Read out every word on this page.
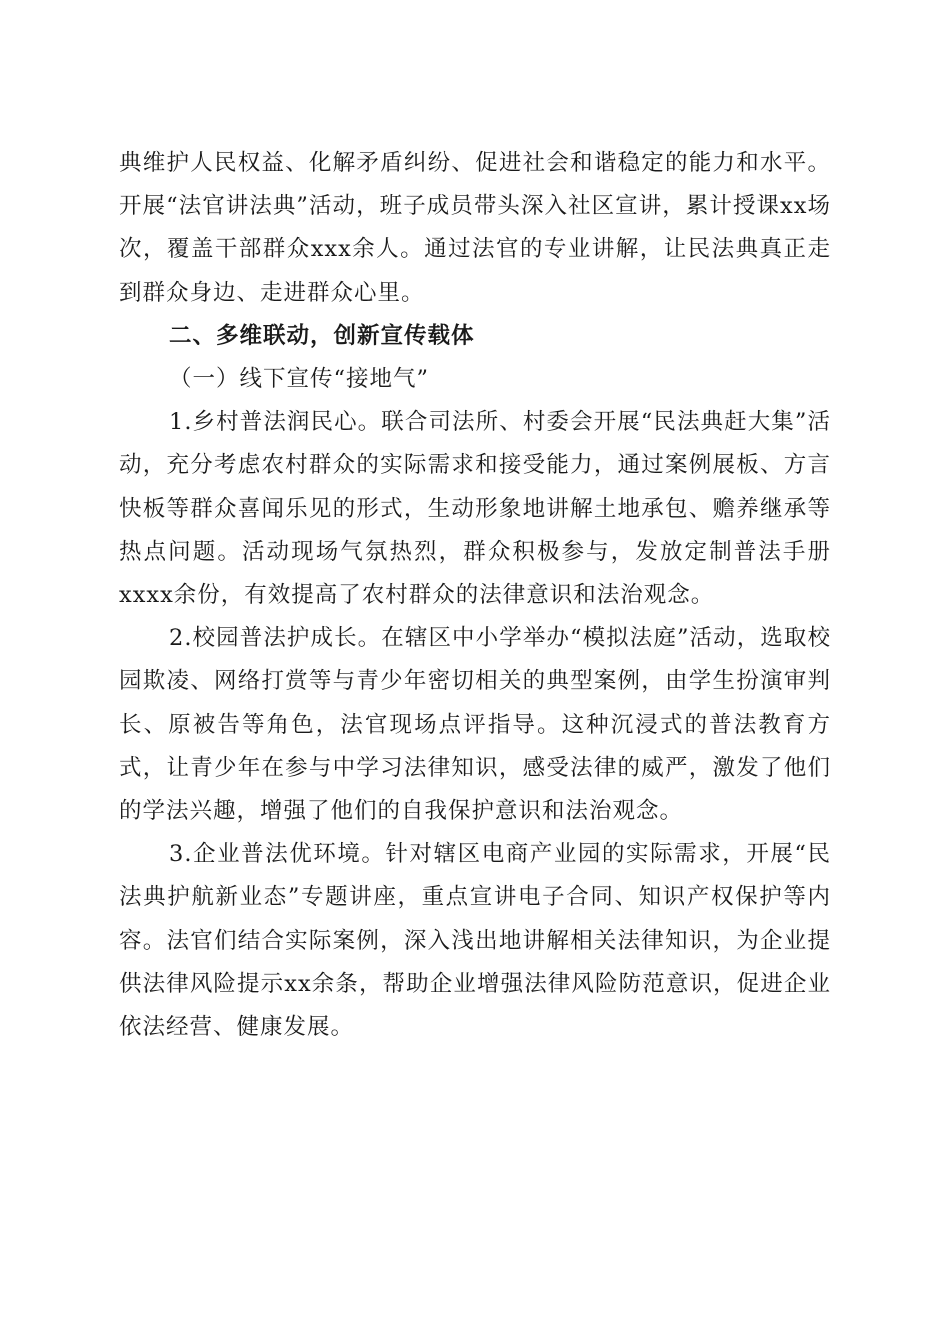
典维护人民权益、化解矛盾纠纷、促进社会和谐稳定的能力和水平。开展“法官讲法典”活动，班子成员带头深入社区宣讲，累计授课xx场次，覆盖干部群众xxx余人。通过法官的专业讲解，让民法典真正走到群众身边、走进群众心里。

二、多维联动，创新宣传载体

（一）线下宣传“接地气”

1.乡村普法润民心。联合司法所、村委会开展“民法典赶大集”活动，充分考虑农村群众的实际需求和接受能力，通过案例展板、方言快板等群众喜闻乐见的形式，生动形象地讲解土地承包、赡养继承等热点问题。活动现场气氛热烈，群众积极参与，发放定制普法手册xxxx余份，有效提高了农村群众的法律意识和法治观念。

2.校园普法护成长。在辖区中小学举办“模拟法庭”活动，选取校园欺凌、网络打赏等与青少年密切相关的典型案例，由学生扮演审判长、原被告等角色，法官现场点评指导。这种沉浸式的普法教育方式，让青少年在参与中学习法律知识，感受法律的威严，激发了他们的学法兴趣，增强了他们的自我保护意识和法治观念。

3.企业普法优环境。针对辖区电商产业园的实际需求，开展“民法典护航新业态”专题讲座，重点宣讲电子合同、知识产权保护等内容。法官们结合实际案例，深入浅出地讲解相关法律知识，为企业提供法律风险提示xx余条，帮助企业增强法律风险防范意识，促进企业依法经营、健康发展。
